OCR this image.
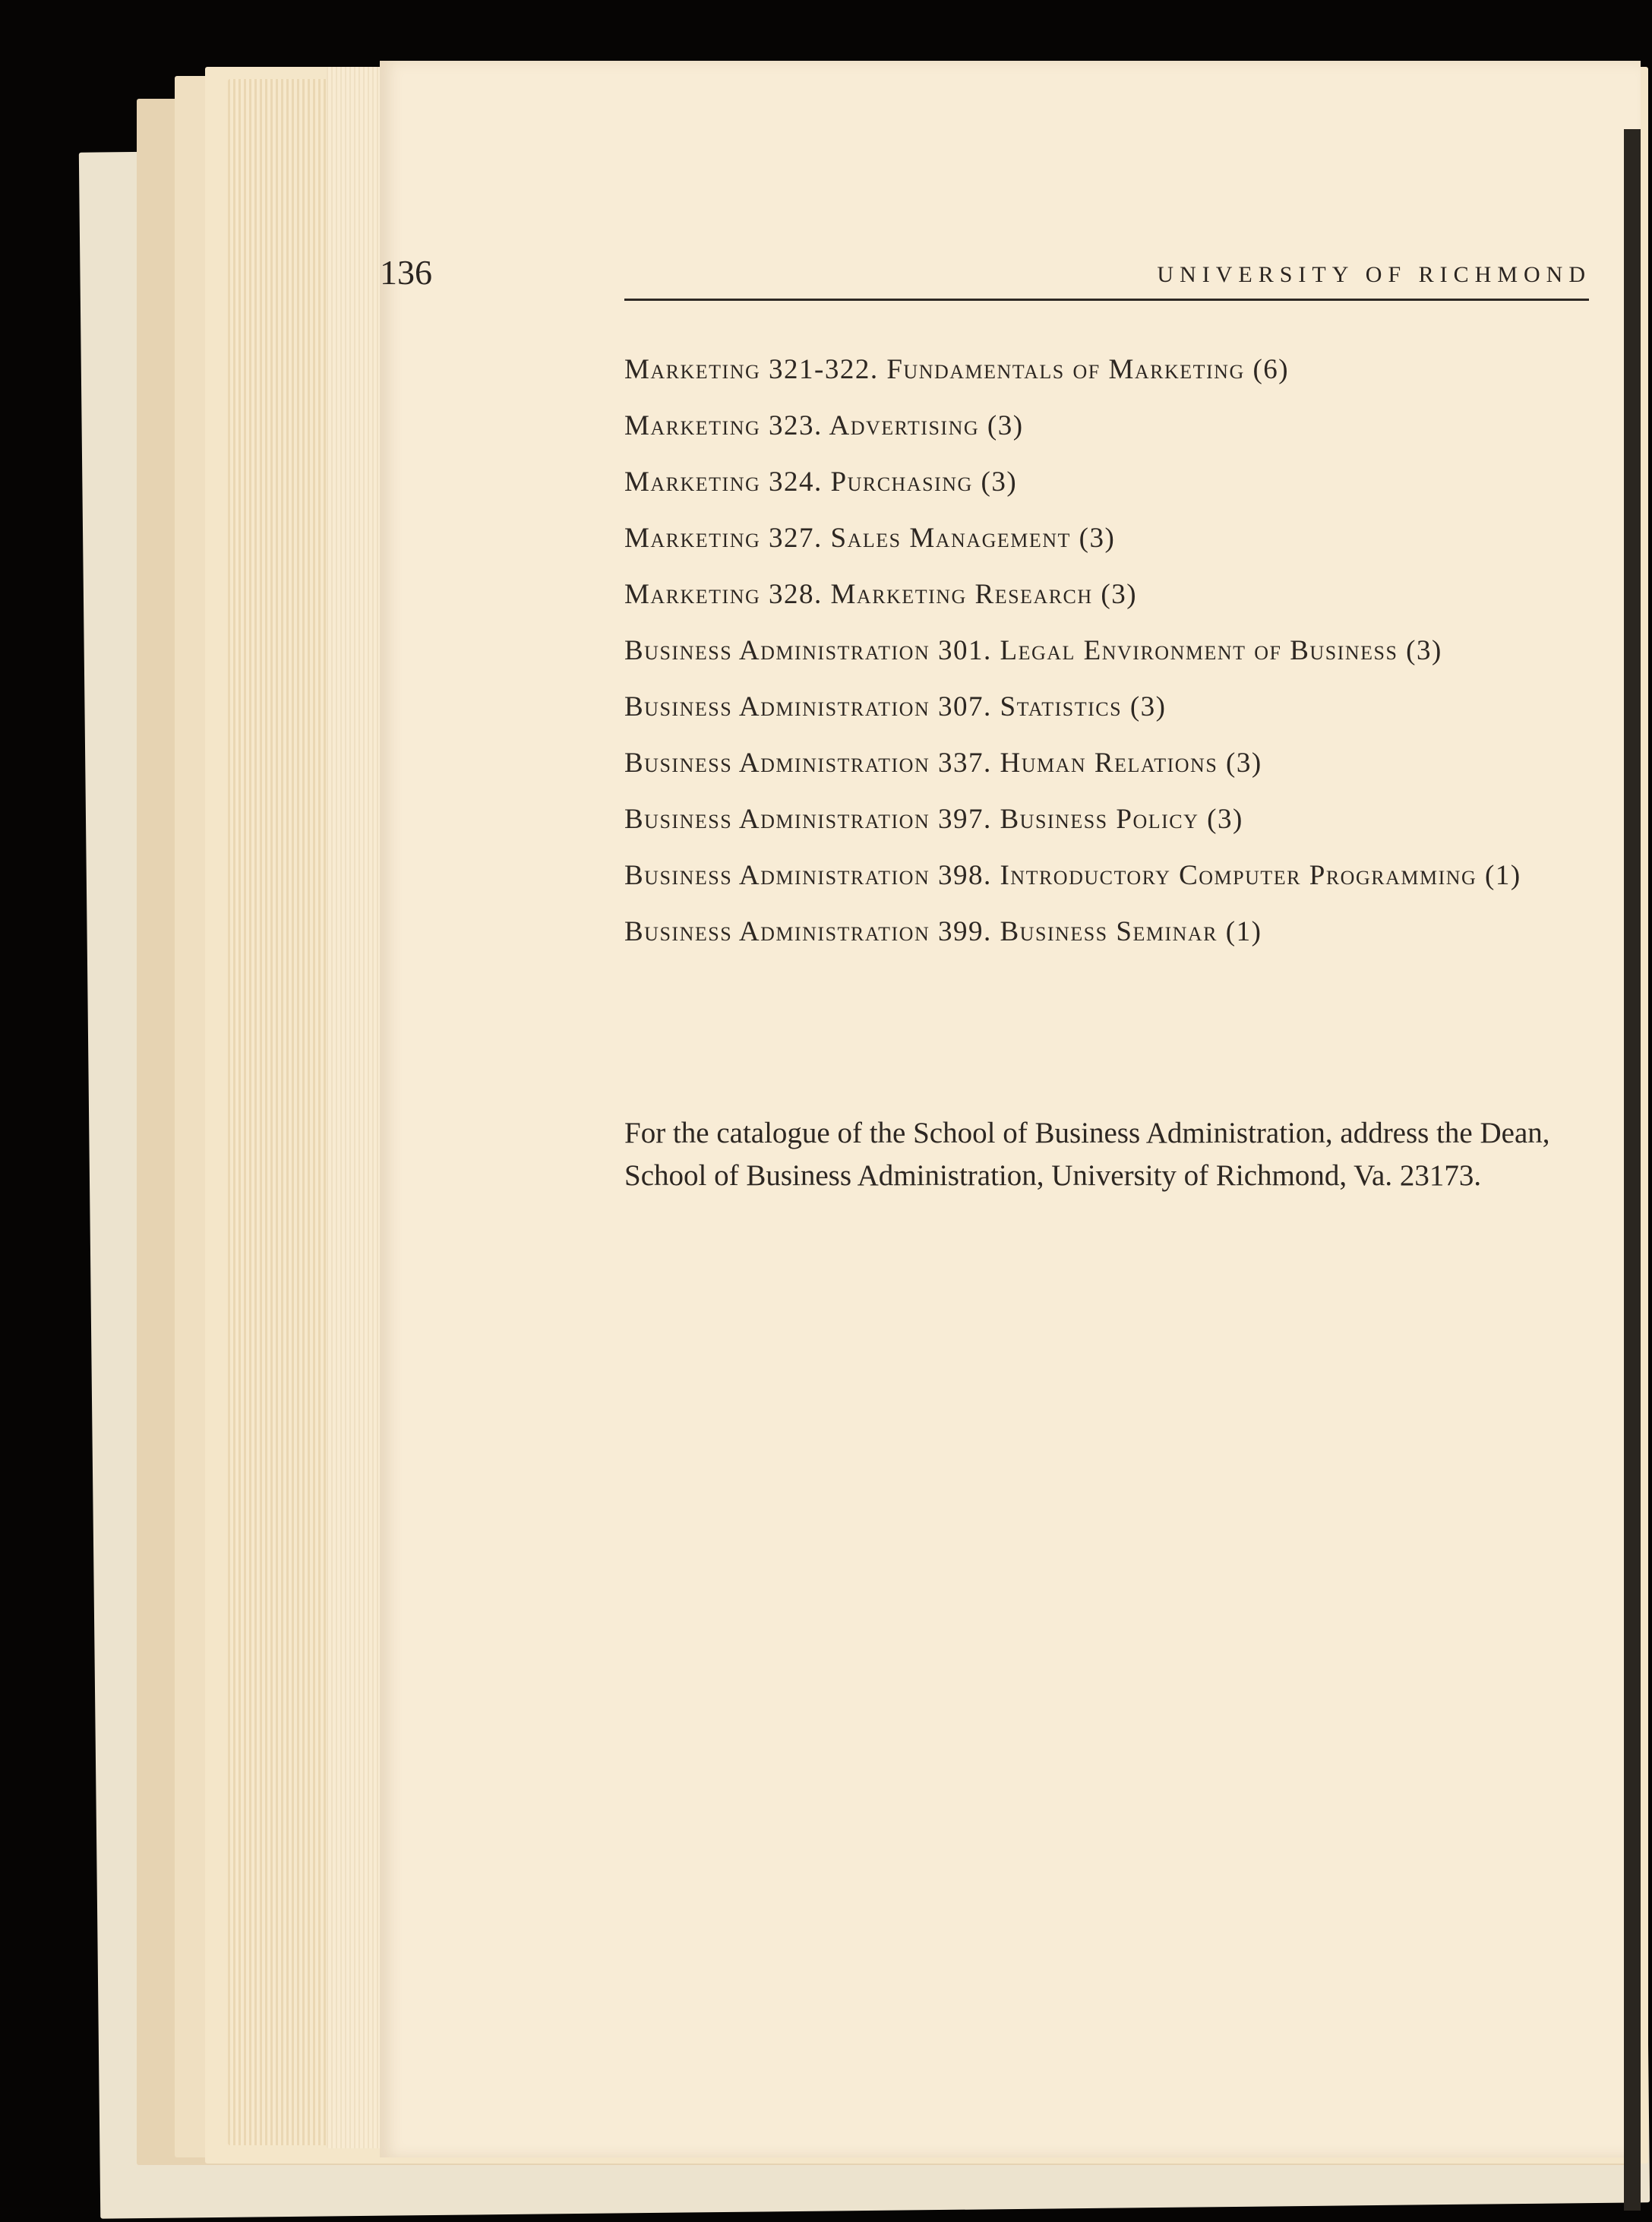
136	UNIVERSITY OF RICHMOND
Marketing 321-322. Fundamentals of Marketing (6)
Marketing 323. Advertising (3)
Marketing 324. Purchasing (3)
Marketing 327. Sales Management (3)
Marketing 328. Marketing Research (3)
Business Administration 301. Legal Environment of Business (3)
Business Administration 307. Statistics (3)
Business Administration 337. Human Relations (3)
Business Administration 397. Business Policy (3)
Business Administration 398. Introductory Computer Programming (1)
Business Administration 399. Business Seminar (1)

For the catalogue of the School of Business Administration, address the Dean, School of Business Administration, University of Richmond, Va. 23173.
